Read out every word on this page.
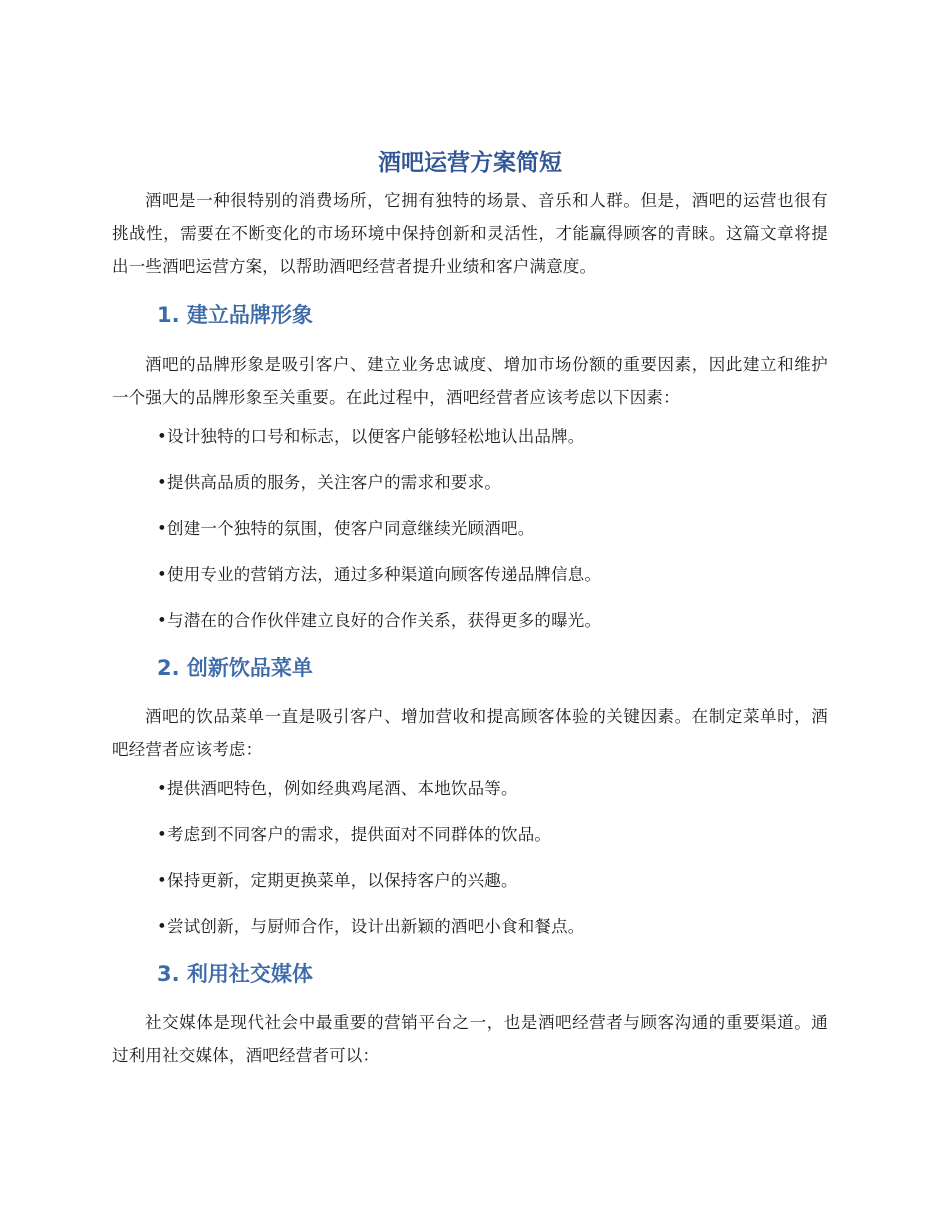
酒吧运营方案简短

酒吧是一种很特别的消费场所，它拥有独特的场景、音乐和人群。但是，酒吧的运营也很有挑战性，需要在不断变化的市场环境中保持创新和灵活性，才能赢得顾客的青睐。这篇文章将提出一些酒吧运营方案，以帮助酒吧经营者提升业绩和客户满意度。

1. 建立品牌形象

酒吧的品牌形象是吸引客户、建立业务忠诚度、增加市场份额的重要因素，因此建立和维护一个强大的品牌形象至关重要。在此过程中，酒吧经营者应该考虑以下因素：

•设计独特的口号和标志，以便客户能够轻松地认出品牌。

•提供高品质的服务，关注客户的需求和要求。

•创建一个独特的氛围，使客户同意继续光顾酒吧。

•使用专业的营销方法，通过多种渠道向顾客传递品牌信息。

•与潜在的合作伙伴建立良好的合作关系，获得更多的曝光。

2. 创新饮品菜单

酒吧的饮品菜单一直是吸引客户、增加营收和提高顾客体验的关键因素。在制定菜单时，酒吧经营者应该考虑：

•提供酒吧特色，例如经典鸡尾酒、本地饮品等。

•考虑到不同客户的需求，提供面对不同群体的饮品。

•保持更新，定期更换菜单，以保持客户的兴趣。

•尝试创新，与厨师合作，设计出新颖的酒吧小食和餐点。

3. 利用社交媒体

社交媒体是现代社会中最重要的营销平台之一，也是酒吧经营者与顾客沟通的重要渠道。通过利用社交媒体，酒吧经营者可以：
